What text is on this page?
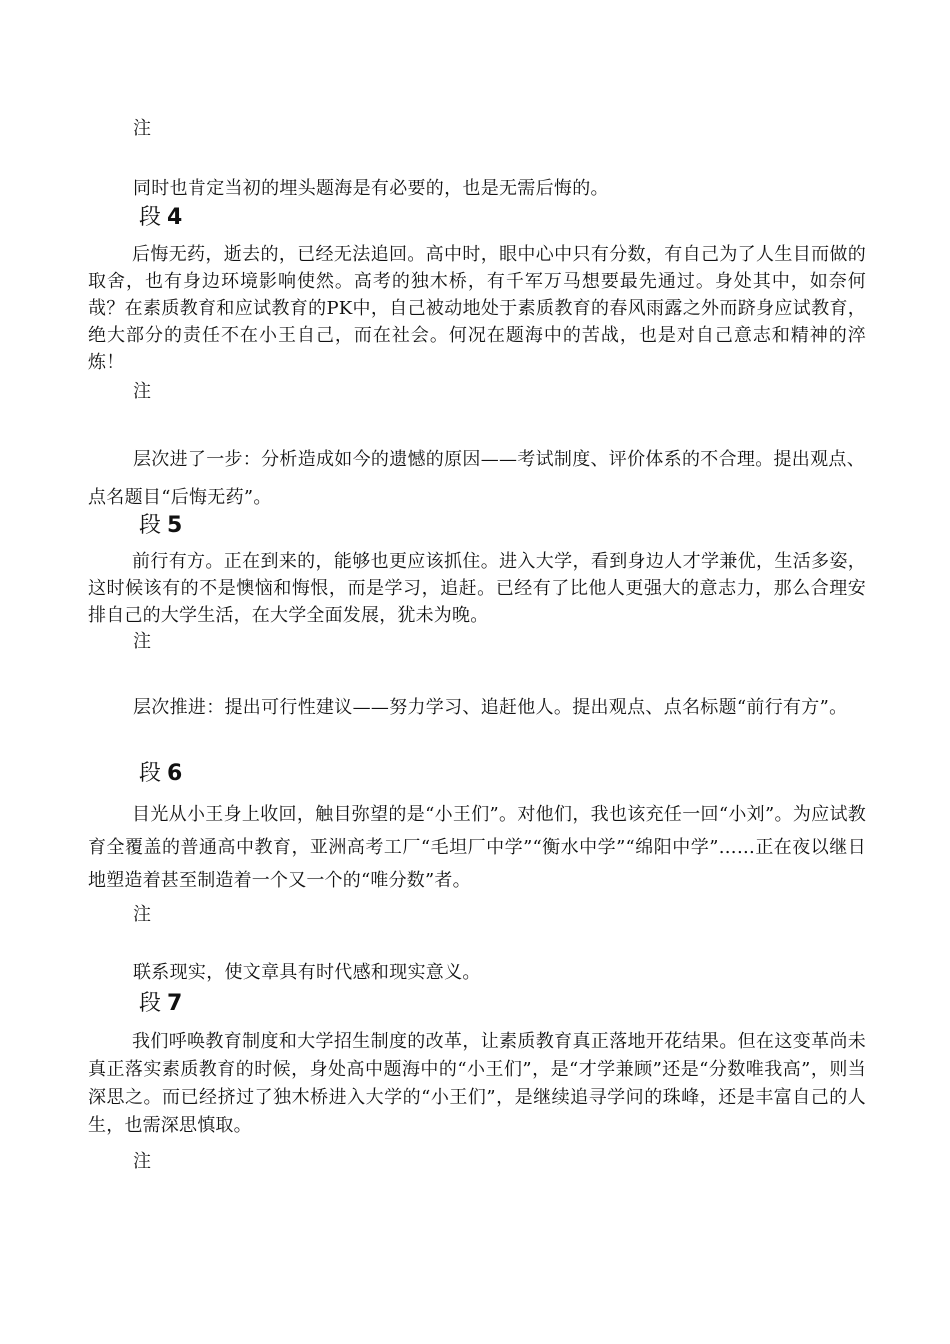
注
同时也肯定当初的埋头题海是有必要的，也是无需后悔的。
段 4
后悔无药，逝去的，已经无法追回。高中时，眼中心中只有分数，有自己为了人生目而做的取舍，也有身边环境影响使然。高考的独木桥，有千军万马想要最先通过。身处其中，如奈何哉？在素质教育和应试教育的PK中，自己被动地处于素质教育的春风雨露之外而跻身应试教育，绝大部分的责任不在小王自己，而在社会。何况在题海中的苦战，也是对自己意志和精神的淬炼！
注
层次进了一步：分析造成如今的遗憾的原因——考试制度、评价体系的不合理。提出观点、点名题目“后悔无药”。
段 5
前行有方。正在到来的，能够也更应该抓住。进入大学，看到身边人才学兼优，生活多姿，这时候该有的不是懊恼和悔恨，而是学习，追赶。已经有了比他人更强大的意志力，那么合理安排自己的大学生活，在大学全面发展，犹未为晚。
注
层次推进：提出可行性建议——努力学习、追赶他人。提出观点、点名标题“前行有方”。
段 6
目光从小王身上收回，触目弥望的是“小王们”。对他们，我也该充任一回“小刘”。为应试教育全覆盖的普通高中教育，亚洲高考工厂“毛坦厂中学”“衡水中学”“绵阳中学”……正在夜以继日地塑造着甚至制造着一个又一个的“唯分数”者。
注
联系现实，使文章具有时代感和现实意义。
段 7
我们呼唤教育制度和大学招生制度的改革，让素质教育真正落地开花结果。但在这变革尚未真正落实素质教育的时候，身处高中题海中的“小王们”，是“才学兼顾”还是“分数唯我高”，则当深思之。而已经挤过了独木桥进入大学的“小王们”，是继续追寻学问的珠峰，还是丰富自己的人生，也需深思慎取。
注
